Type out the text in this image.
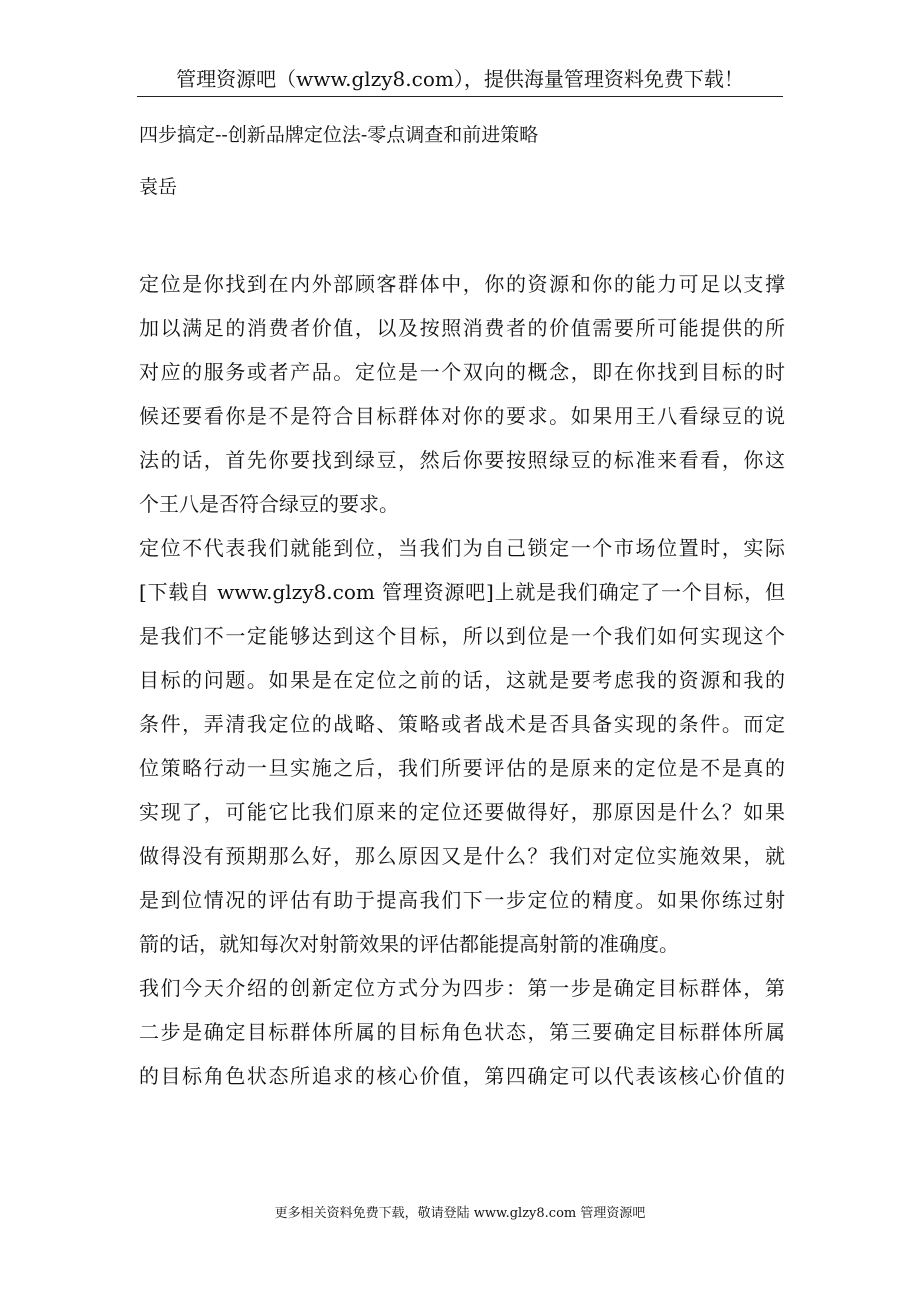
管理资源吧（www.glzy8.com），提供海量管理资料免费下载！
四步搞定--创新品牌定位法-零点调查和前进策略
袁岳
定位是你找到在内外部顾客群体中，你的资源和你的能力可足以支撑
加以满足的消费者价值，以及按照消费者的价值需要所可能提供的所
对应的服务或者产品。定位是一个双向的概念，即在你找到目标的时
候还要看你是不是符合目标群体对你的要求。如果用王八看绿豆的说
法的话，首先你要找到绿豆，然后你要按照绿豆的标准来看看，你这
个王八是否符合绿豆的要求。
定位不代表我们就能到位，当我们为自己锁定一个市场位置时，实际
[下载自 www.glzy8.com 管理资源吧]上就是我们确定了一个目标，但
是我们不一定能够达到这个目标，所以到位是一个我们如何实现这个
目标的问题。如果是在定位之前的话，这就是要考虑我的资源和我的
条件，弄清我定位的战略、策略或者战术是否具备实现的条件。而定
位策略行动一旦实施之后，我们所要评估的是原来的定位是不是真的
实现了，可能它比我们原来的定位还要做得好，那原因是什么？如果
做得没有预期那么好，那么原因又是什么？我们对定位实施效果，就
是到位情况的评估有助于提高我们下一步定位的精度。如果你练过射
箭的话，就知每次对射箭效果的评估都能提高射箭的准确度。
我们今天介绍的创新定位方式分为四步：第一步是确定目标群体，第
二步是确定目标群体所属的目标角色状态，第三要确定目标群体所属
的目标角色状态所追求的核心价值，第四确定可以代表该核心价值的
更多相关资料免费下载，敬请登陆 www.glzy8.com 管理资源吧
